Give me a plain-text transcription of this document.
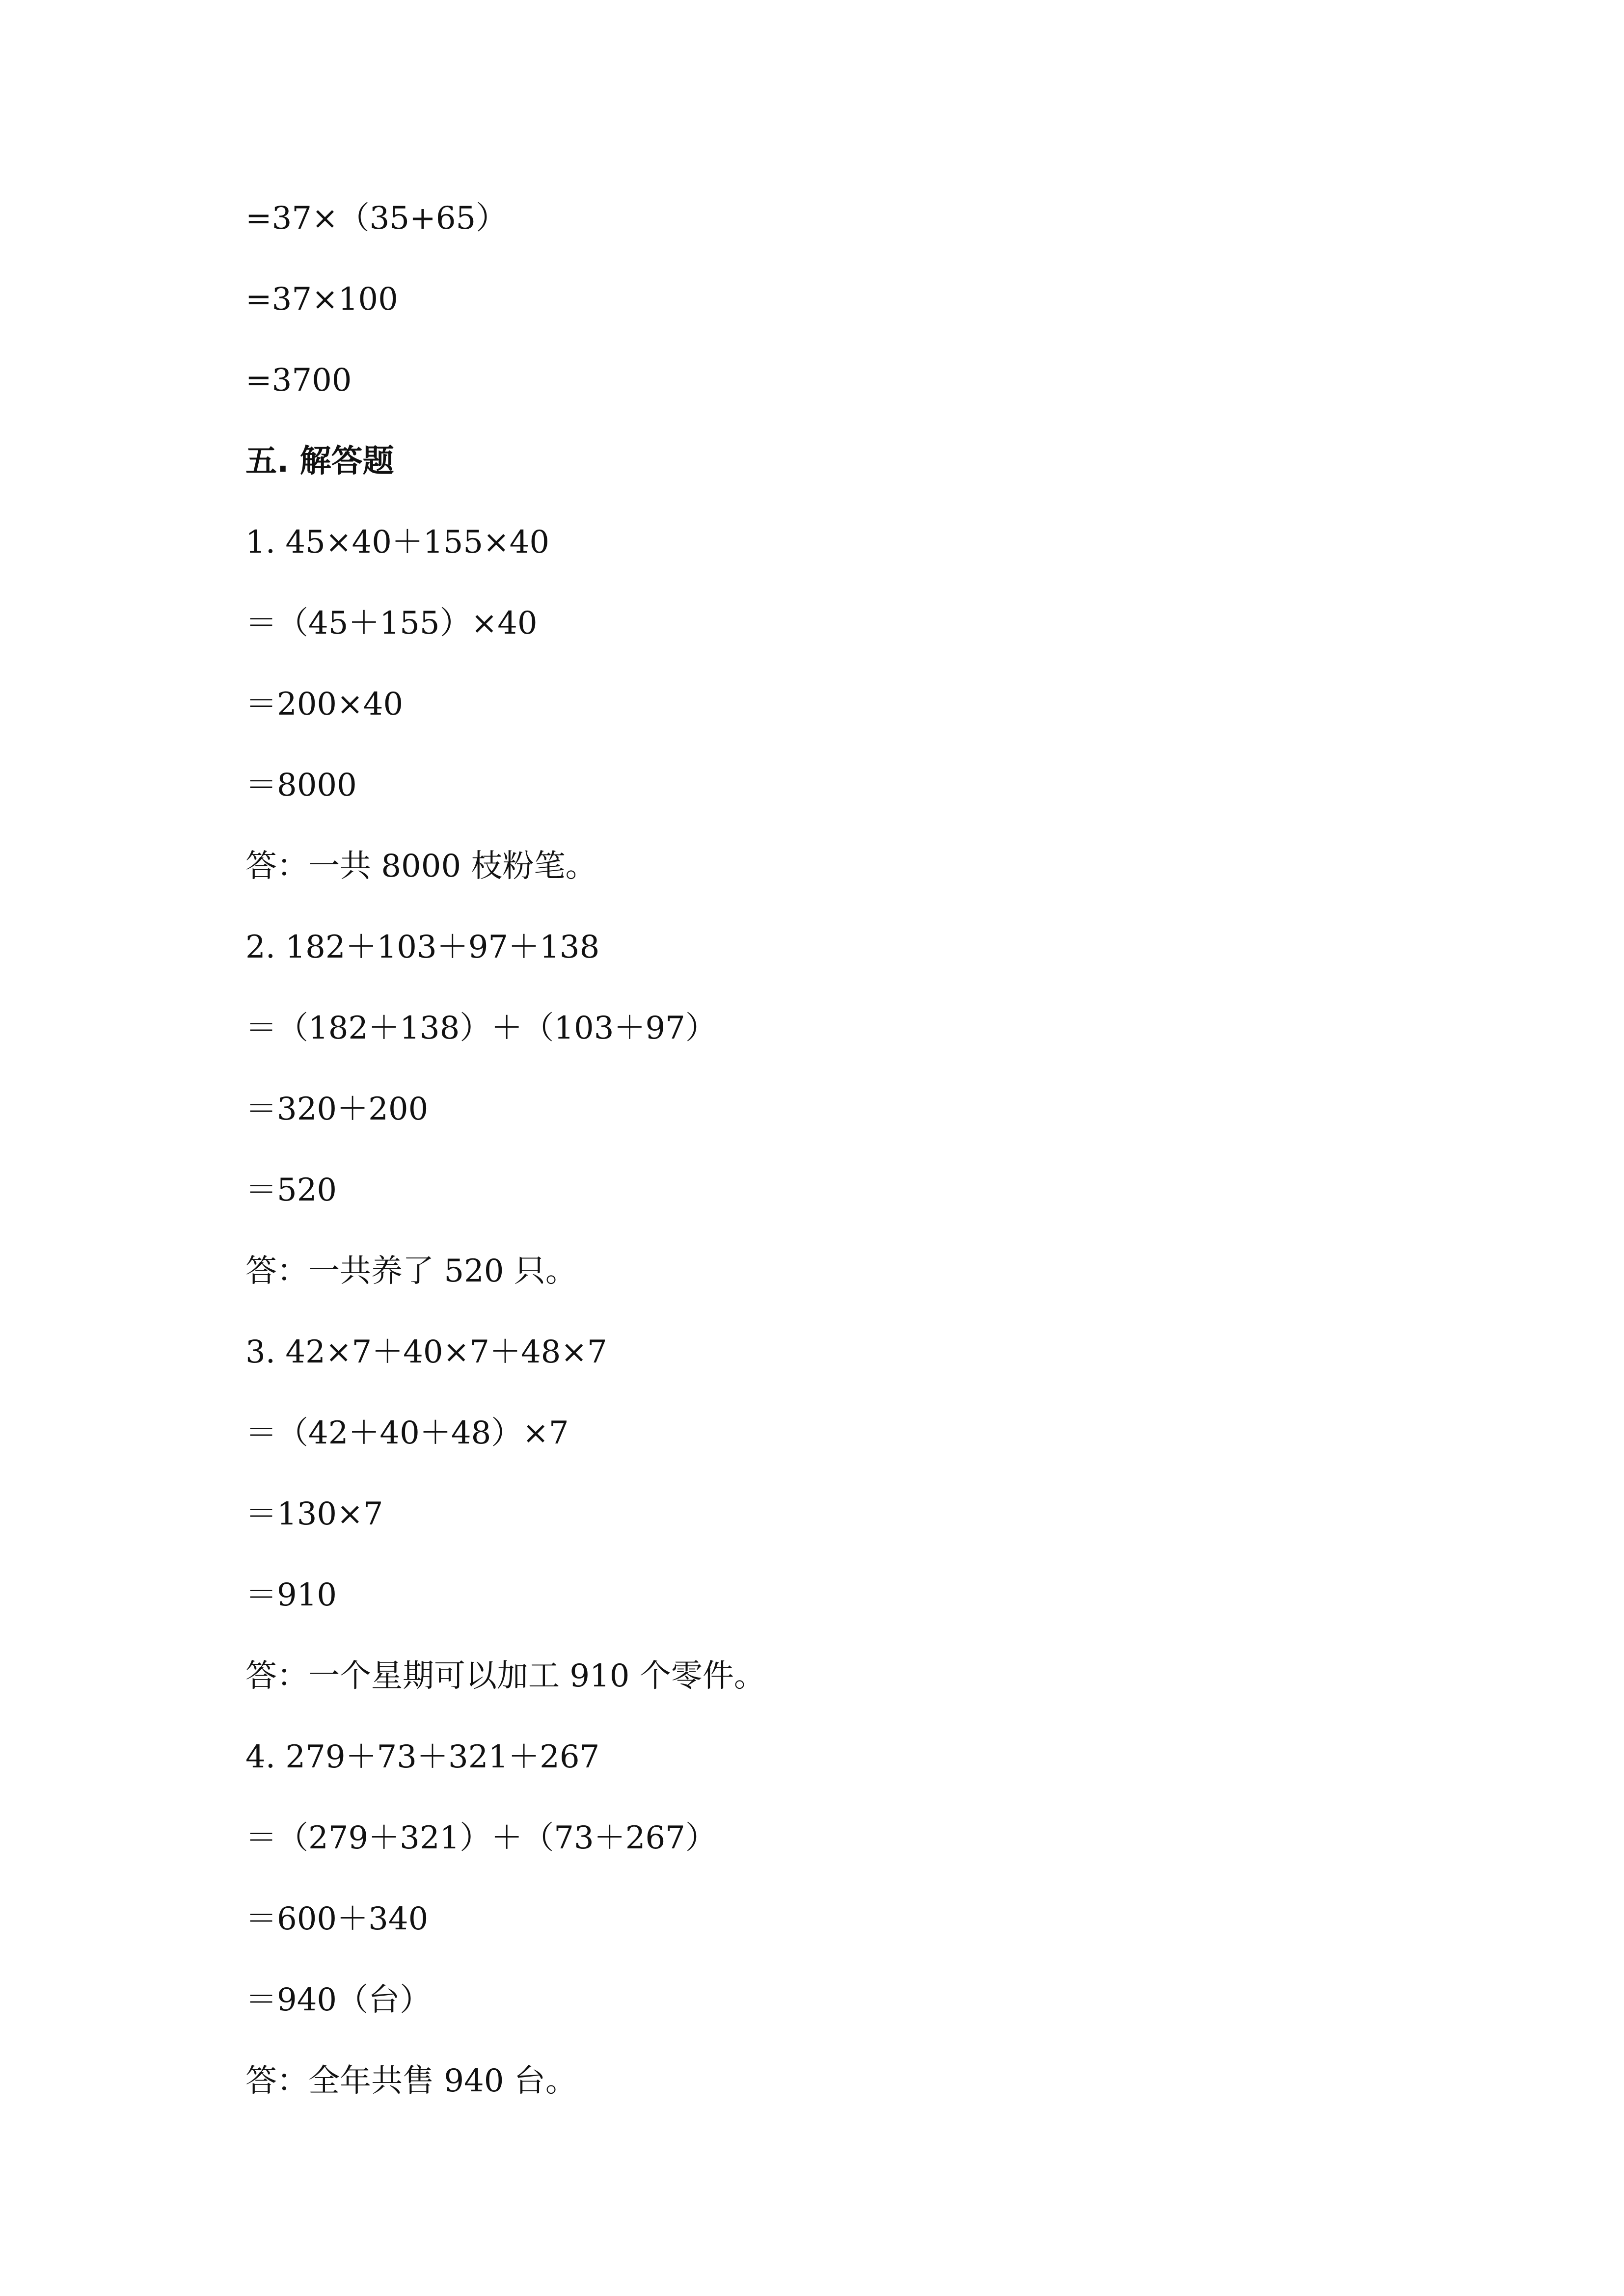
=37×（35+65）
=37×100
=3700
五. 解答题
1. 45×40＋155×40
＝（45＋155）×40
＝200×40
＝8000
答：一共 8000 枝粉笔。
2. 182＋103＋97＋138
＝（182＋138）＋（103＋97）
＝320＋200
＝520
答：一共养了 520 只。
3. 42×7＋40×7＋48×7
＝（42＋40＋48）×7
＝130×7
＝910
答：一个星期可以加工 910 个零件。
4. 279＋73＋321＋267
＝（279＋321）＋（73＋267）
＝600＋340
＝940（台）
答：全年共售 940 台。
